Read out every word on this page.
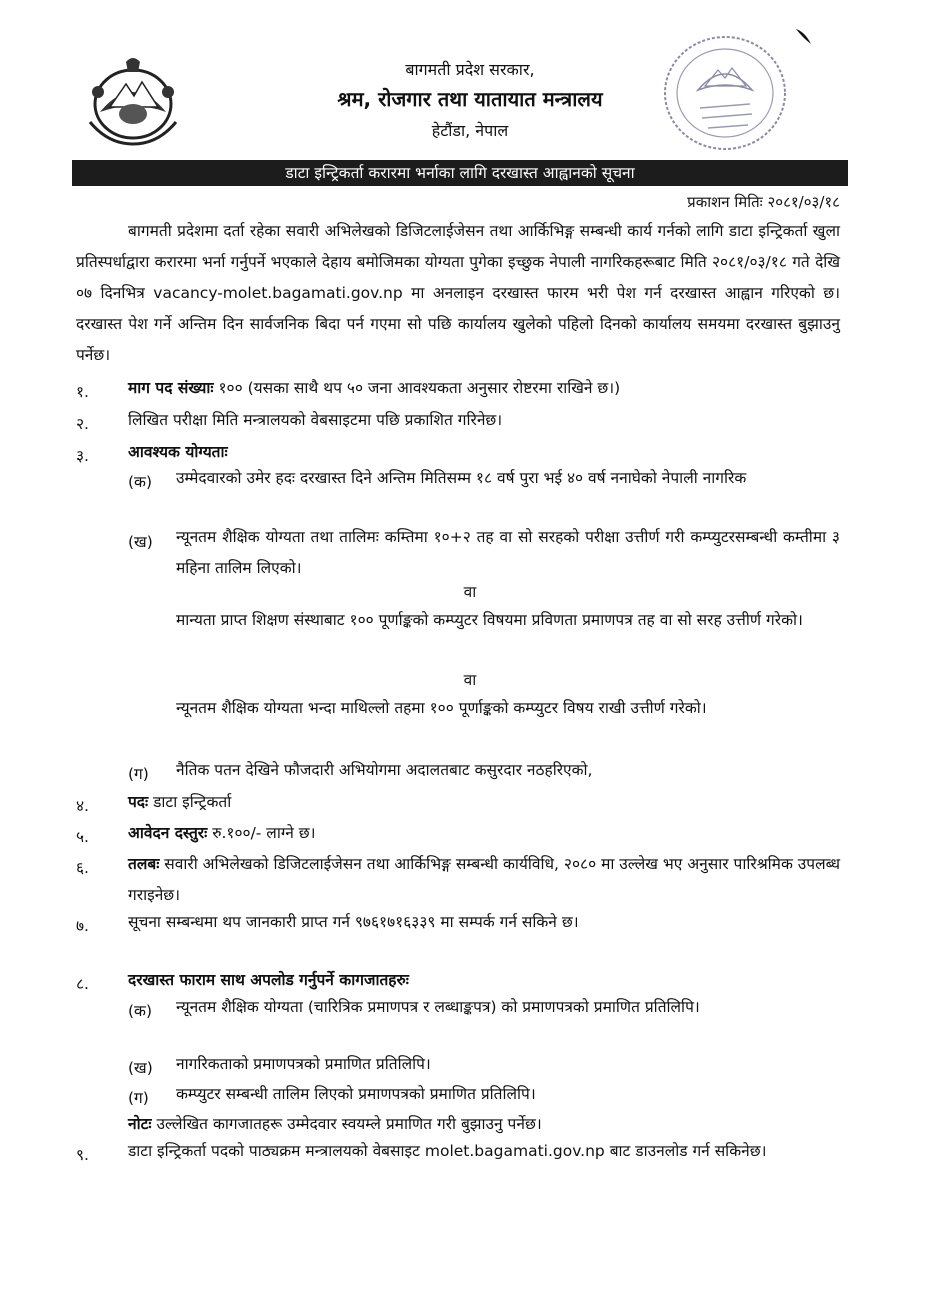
बागमती प्रदेश सरकार,
श्रम, रोजगार तथा यातायात मन्त्रालय
हेटौंडा, नेपाल
डाटा इन्ट्रिकर्ता करारमा भर्नाका लागि दरखास्त आह्वानको सूचना
प्रकाशन मितिः २०८१/०३/१८
बागमती प्रदेशमा दर्ता रहेका सवारी अभिलेखको डिजिटलाईजेसन तथा आर्किभिङ्ग सम्बन्धी कार्य गर्नको लागि डाटा इन्ट्रिकर्ता खुला प्रतिस्पर्धाद्वारा करारमा भर्ना गर्नुपर्ने भएकाले देहाय बमोजिमका योग्यता पुगेका इच्छुक नेपाली नागरिकहरूबाट मिति २०८१/०३/१८ गते देखि ०७ दिनभित्र vacancy-molet.bagamati.gov.np मा अनलाइन दरखास्त फारम भरी पेश गर्न दरखास्त आह्वान गरिएको छ। दरखास्त पेश गर्ने अन्तिम दिन सार्वजनिक बिदा पर्न गएमा सो पछि कार्यालय खुलेको पहिलो दिनको कार्यालय समयमा दरखास्त बुझाउनु पर्नेछ।
१.	माग पद संख्याः १०० (यसका साथै थप ५० जना आवश्यकता अनुसार रोष्टरमा राखिने छ।)
२.	लिखित परीक्षा मिति मन्त्रालयको वेबसाइटमा पछि प्रकाशित गरिनेछ।
३.	आवश्यक योग्यताः
(क) उम्मेदवारको उमेर हदः दरखास्त दिने अन्तिम मितिसम्म १८ वर्ष पुरा भई ४० वर्ष ननाघेको नेपाली नागरिक
(ख) न्यूनतम शैक्षिक योग्यता तथा तालिमः कम्तिमा १०+२ तह वा सो सरहको परीक्षा उत्तीर्ण गरी कम्प्युटरसम्बन्धी कम्तीमा ३ महिना तालिम लिएको।
वा
मान्यता प्राप्त शिक्षण संस्थाबाट १०० पूर्णाङ्कको कम्प्युटर विषयमा प्रविणता प्रमाणपत्र तह वा सो सरह उत्तीर्ण गरेको।
वा
न्यूनतम शैक्षिक योग्यता भन्दा माथिल्लो तहमा १०० पूर्णाङ्कको कम्प्युटर विषय राखी उत्तीर्ण गरेको।
(ग) नैतिक पतन देखिने फौजदारी अभियोगमा अदालतबाट कसुरदार नठहरिएको,
४.	पदः डाटा इन्ट्रिकर्ता
५.	आवेदन दस्तुरः रु.१००/- लाग्ने छ।
६.	तलबः सवारी अभिलेखको डिजिटलाईजेसन तथा आर्किभिङ्ग सम्बन्धी कार्यविधि, २०८० मा उल्लेख भए अनुसार पारिश्रमिक उपलब्ध गराइनेछ।
७.	सूचना सम्बन्धमा थप जानकारी प्राप्त गर्न ९७६१७१६३३९ मा सम्पर्क गर्न सकिने छ।
८.	दरखास्त फाराम साथ अपलोड गर्नुपर्ने कागजातहरुः
(क) न्यूनतम शैक्षिक योग्यता (चारित्रिक प्रमाणपत्र र लब्धाङ्कपत्र) को प्रमाणपत्रको प्रमाणित प्रतिलिपि।
(ख) नागरिकताको प्रमाणपत्रको प्रमाणित प्रतिलिपि।
(ग) कम्प्युटर सम्बन्धी तालिम लिएको प्रमाणपत्रको प्रमाणित प्रतिलिपि।
नोटः उल्लेखित कागजातहरू उम्मेदवार स्वयम्ले प्रमाणित गरी बुझाउनु पर्नेछ।
९.	डाटा इन्ट्रिकर्ता पदको पाठ्यक्रम मन्त्रालयको वेबसाइट molet.bagamati.gov.np बाट डाउनलोड गर्न सकिनेछ।
